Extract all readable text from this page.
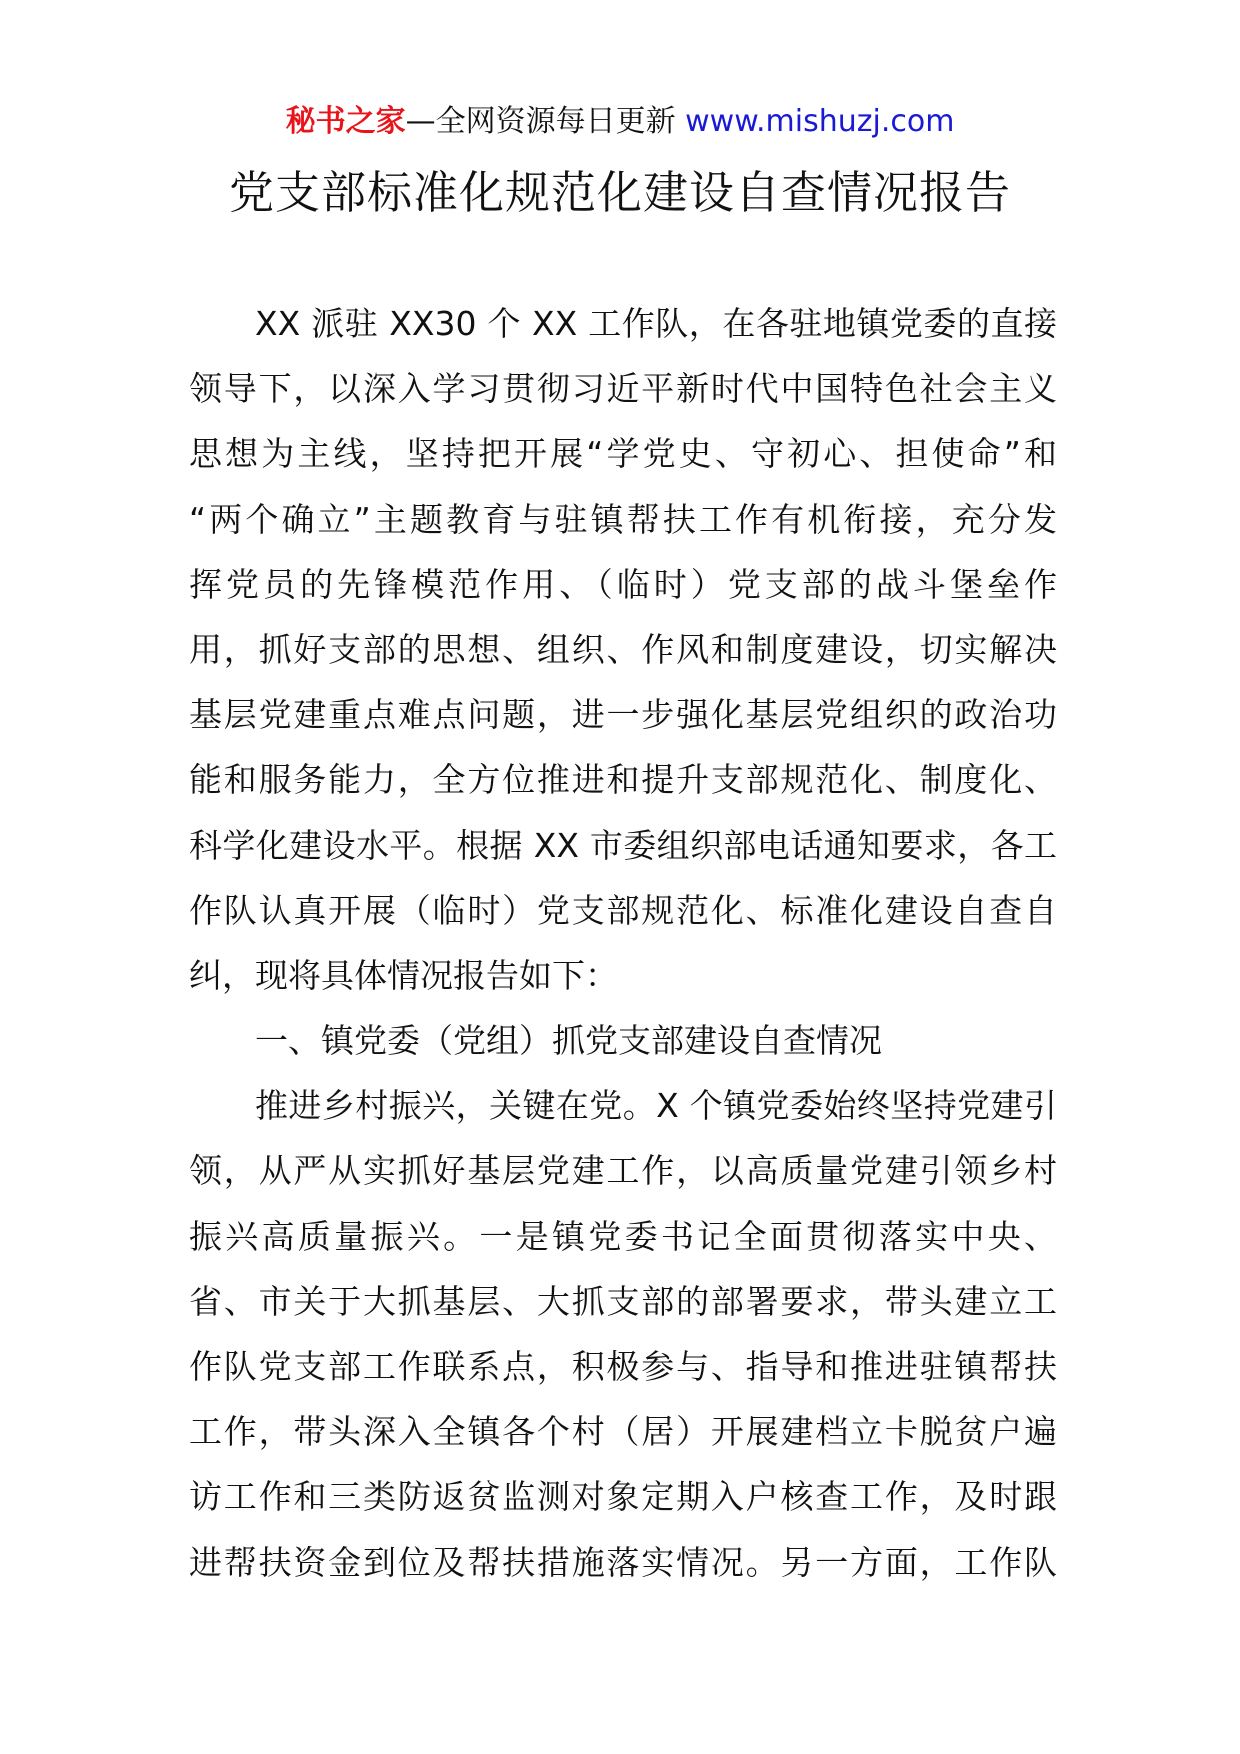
秘书之家—全网资源每日更新 www.mishuzj.com
党支部标准化规范化建设自查情况报告
XX 派驻 XX30 个 XX 工作队，在各驻地镇党委的直接
领导下，以深入学习贯彻习近平新时代中国特色社会主义
思想为主线，坚持把开展“学党史、守初心、担使命”和
“两个确立”主题教育与驻镇帮扶工作有机衔接，充分发
挥党员的先锋模范作用、（临时）党支部的战斗堡垒作
用，抓好支部的思想、组织、作风和制度建设，切实解决
基层党建重点难点问题，进一步强化基层党组织的政治功
能和服务能力，全方位推进和提升支部规范化、制度化、
科学化建设水平。根据 XX 市委组织部电话通知要求，各工
作队认真开展（临时）党支部规范化、标准化建设自查自
纠，现将具体情况报告如下：
一、镇党委（党组）抓党支部建设自查情况
推进乡村振兴，关键在党。X 个镇党委始终坚持党建引
领，从严从实抓好基层党建工作，以高质量党建引领乡村
振兴高质量振兴。一是镇党委书记全面贯彻落实中央、
省、市关于大抓基层、大抓支部的部署要求，带头建立工
作队党支部工作联系点，积极参与、指导和推进驻镇帮扶
工作，带头深入全镇各个村（居）开展建档立卡脱贫户遍
访工作和三类防返贫监测对象定期入户核查工作，及时跟
进帮扶资金到位及帮扶措施落实情况。另一方面，工作队
